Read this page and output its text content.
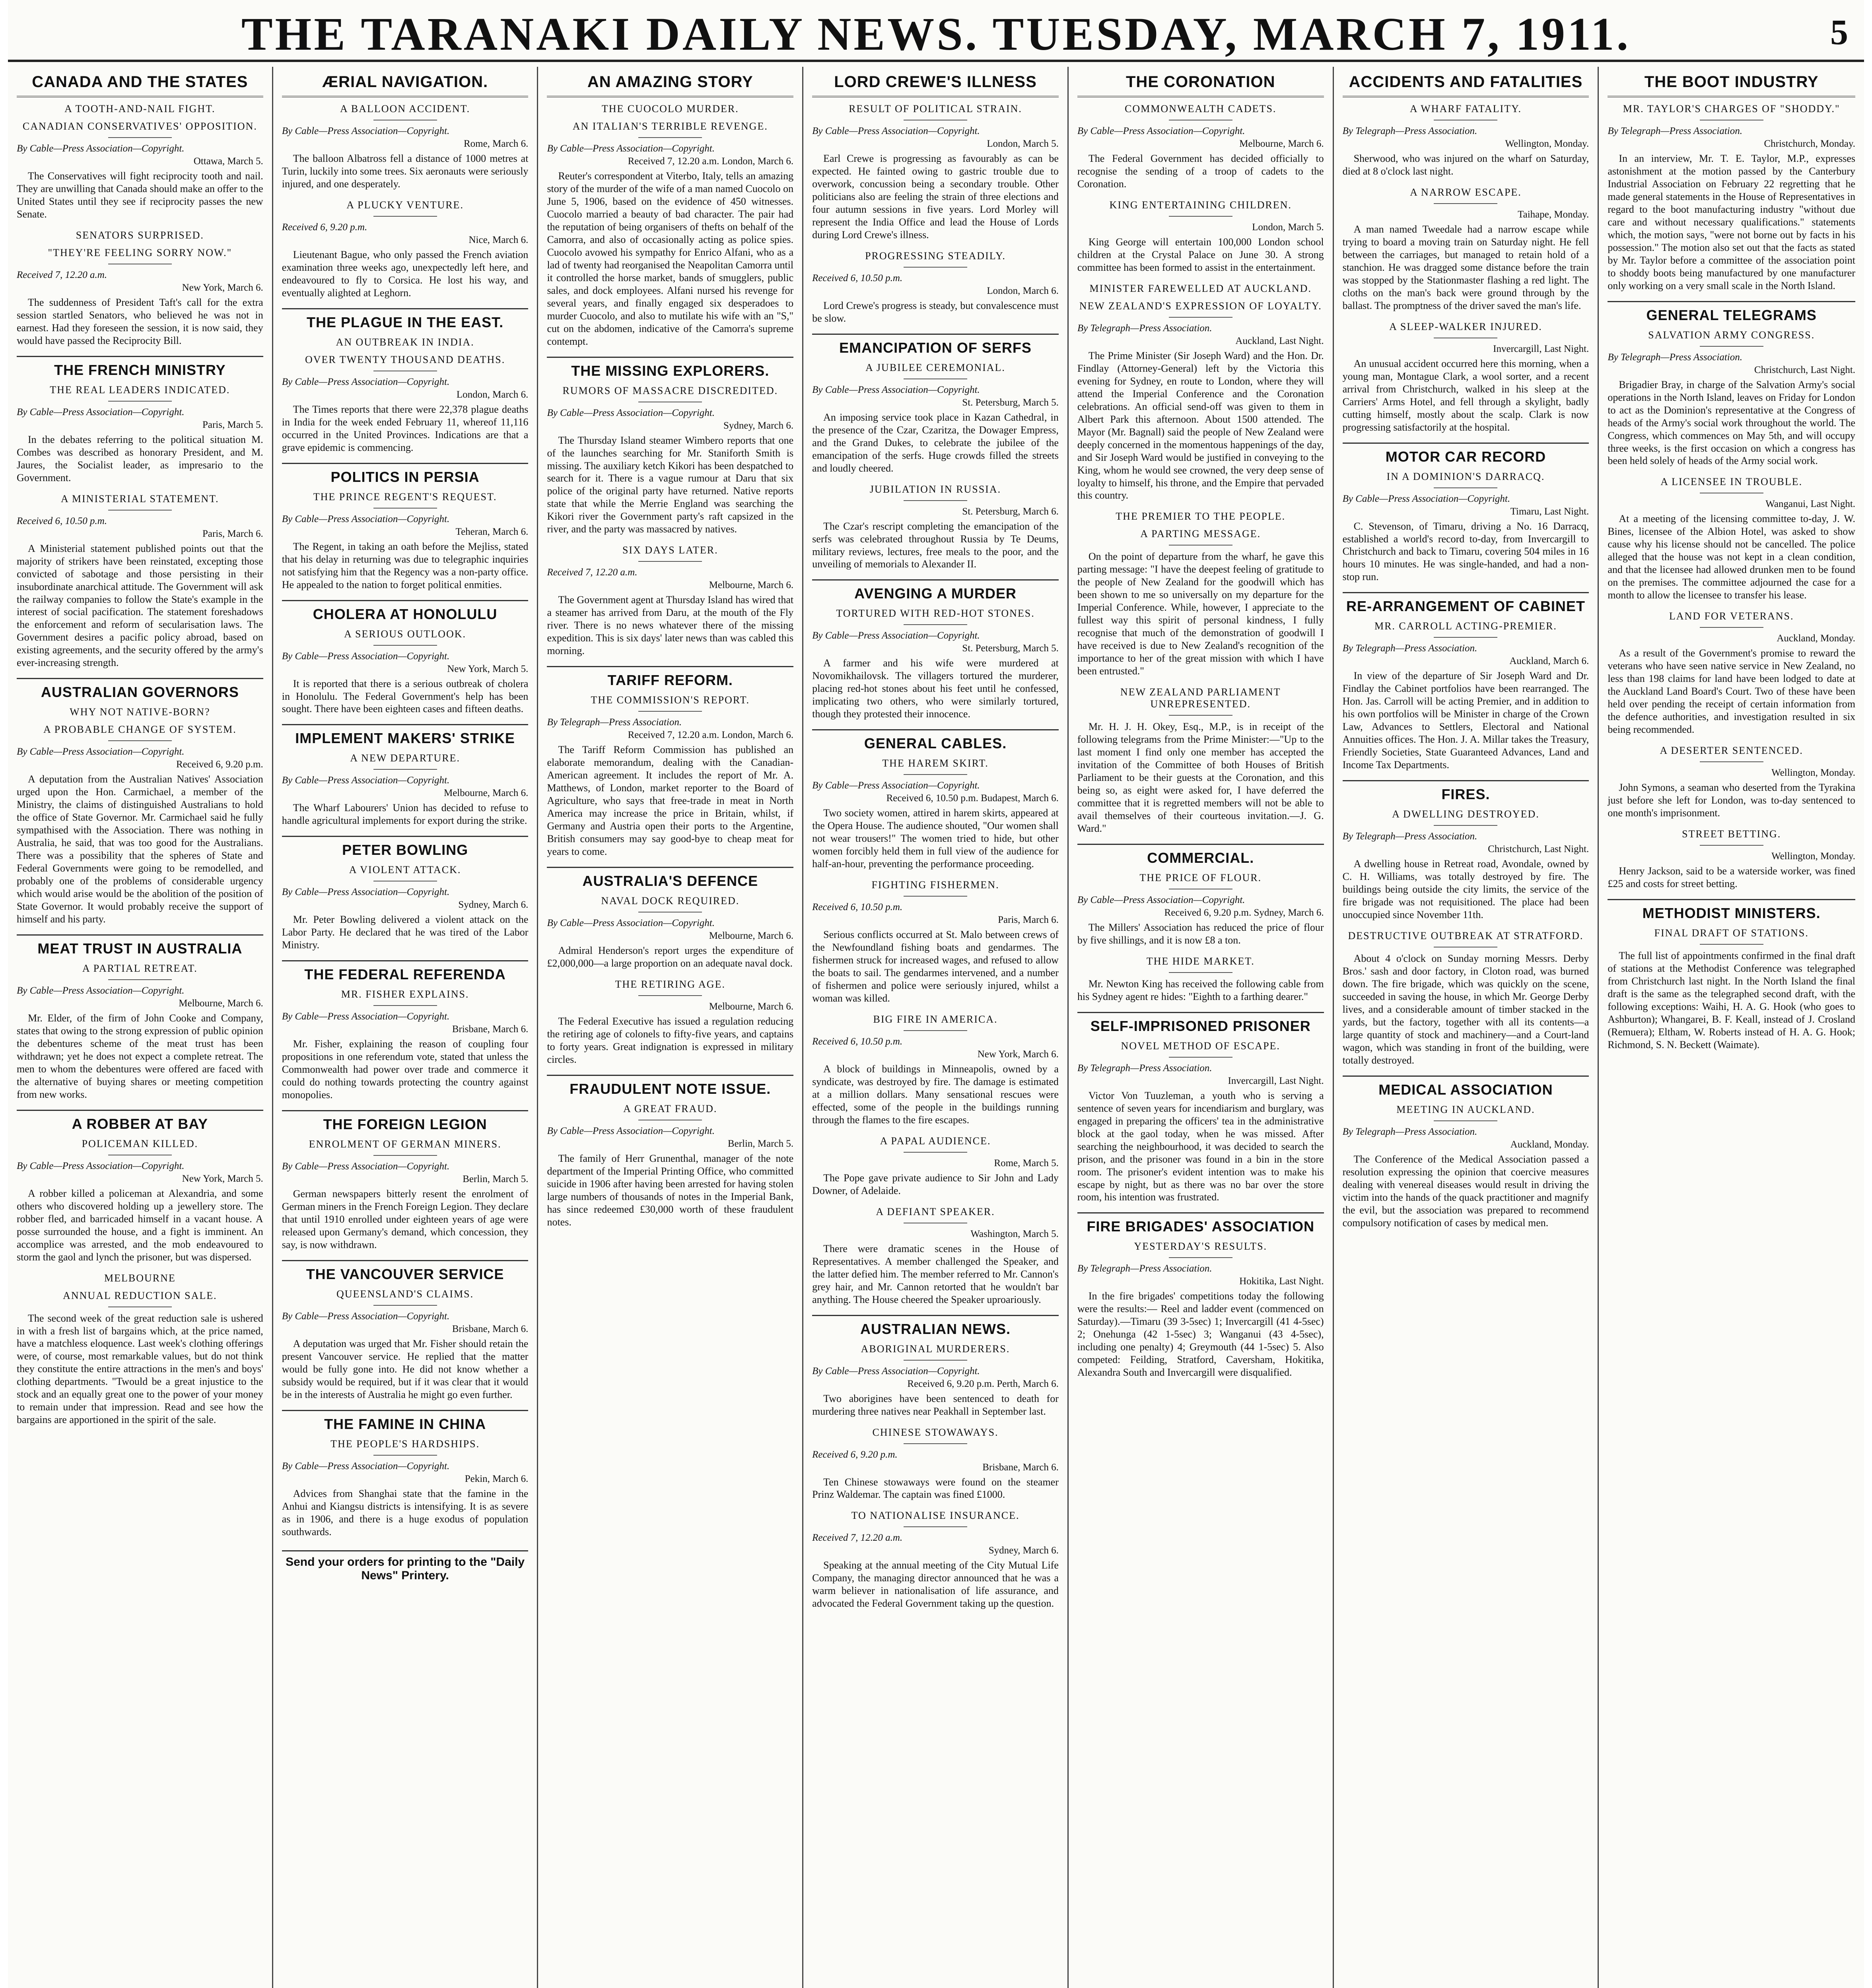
THE TARANAKI DAILY NEWS. TUESDAY, MARCH 7, 1911.	5
CANADA AND THE STATES
A TOOTH-AND-NAIL FIGHT.
CANADIAN CONSERVATIVES' OPPOSITION.
By Cable—Press Association—Copyright.
Ottawa, March 5.

The Conservatives will fight reciprocity tooth and nail. They are unwilling that Canada should make an offer to the United States until they see if reciprocity passes the new Senate.

SENATORS SURPRISED.
"THEY'RE FEELING SORRY NOW."
Received 7, 12.20 a.m.
New York, March 6.

The suddenness of President Taft's call for the extra session startled Senators, who believed he was not in earnest. Had they foreseen the session, it is now said, they would have passed the Reciprocity Bill.

THE FRENCH MINISTRY
THE REAL LEADERS INDICATED.
By Cable—Press Association—Copyright.
Paris, March 5.

In the debates referring to the political situation M. Combes was described as honorary President, and M. Jaures, the Socialist leader, as impresario to the Government.

A MINISTERIAL STATEMENT.
Received 6, 10.50 p.m.
Paris, March 6.

A Ministerial statement published points out that the majority of strikers have been reinstated, excepting those convicted of sabotage and those persisting in their insubordinate anarchical attitude. The Government will ask the railway companies to follow the State's example in the interest of social pacification. The statement foreshadows the enforcement and reform of secularisation laws. The Government desires a pacific policy abroad, based on existing agreements, and the security offered by the army's ever-increasing strength.

AUSTRALIAN GOVERNORS
WHY NOT NATIVE-BORN?
A PROBABLE CHANGE OF SYSTEM.
By Cable—Press Association—Copyright.
Received 6, 9.20 p.m.

A deputation from the Australian Natives' Association urged upon the Hon. Carmichael, a member of the Ministry, the claims of distinguished Australians to hold the office of State Governor. Mr. Carmichael said he fully sympathised with the Association. There was nothing in Australia, he said, that was too good for the Australians. There was a possibility that the spheres of State and Federal Governments were going to be remodelled, and probably one of the problems of considerable urgency which would arise would be the abolition of the position of State Governor. It would probably receive the support of himself and his party.

MEAT TRUST IN AUSTRALIA
A PARTIAL RETREAT.
By Cable—Press Association—Copyright.
Melbourne, March 6.

Mr. Elder, of the firm of John Cooke and Company, states that owing to the strong expression of public opinion the debentures scheme of the meat trust has been withdrawn; yet he does not expect a complete retreat. The men to whom the debentures were offered are faced with the alternative of buying shares or meeting competition from new works.

A ROBBER AT BAY
POLICEMAN KILLED.
By Cable—Press Association—Copyright.
New York, March 5.

A robber killed a policeman at Alexandria, and some others who discovered holding up a jewellery store. The robber fled, and barricaded himself in a vacant house. A posse surrounded the house, and a fight is imminent. An accomplice was arrested, and the mob endeavoured to storm the gaol and lynch the prisoner, but was dispersed.

MELBOURNE
ANNUAL REDUCTION SALE.

The second week of the great reduction sale is ushered in with a fresh list of bargains which, at the price named, have a matchless eloquence. Last week's clothing offerings were, of course, most remarkable values, but do not think they constitute the entire attractions in the men's and boys' clothing departments. "Twould be a great injustice to the stock and an equally great one to the power of your money to remain under that impression. Read and see how the bargains are apportioned in the spirit of the sale.

ÆRIAL NAVIGATION.
A BALLOON ACCIDENT.
By Cable—Press Association—Copyright.
Rome, March 6.

The balloon Albatross fell a distance of 1000 metres at Turin, luckily into some trees. Six aeronauts were seriously injured, and one desperately.

A PLUCKY VENTURE.
Received 6, 9.20 p.m.
Nice, March 6.

Lieutenant Bague, who only passed the French aviation examination three weeks ago, unexpectedly left here, and endeavoured to fly to Corsica. He lost his way, and eventually alighted at Leghorn.

THE PLAGUE IN THE EAST.
AN OUTBREAK IN INDIA.
OVER TWENTY THOUSAND DEATHS.
By Cable—Press Association—Copyright.
London, March 6.

The Times reports that there were 22,378 plague deaths in India for the week ended February 11, whereof 11,116 occurred in the United Provinces. Indications are that a grave epidemic is commencing.

POLITICS IN PERSIA
THE PRINCE REGENT'S REQUEST.
By Cable—Press Association—Copyright.
Teheran, March 6.

The Regent, in taking an oath before the Mejliss, stated that his delay in returning was due to telegraphic inquiries not satisfying him that the Regency was a non-party office. He appealed to the nation to forget political enmities.

CHOLERA AT HONOLULU
A SERIOUS OUTLOOK.
By Cable—Press Association—Copyright.
New York, March 5.

It is reported that there is a serious outbreak of cholera in Honolulu. The Federal Government's help has been sought. There have been eighteen cases and fifteen deaths.

IMPLEMENT MAKERS' STRIKE
A NEW DEPARTURE.
By Cable—Press Association—Copyright.
Melbourne, March 6.

The Wharf Labourers' Union has decided to refuse to handle agricultural implements for export during the strike.

PETER BOWLING
A VIOLENT ATTACK.
By Cable—Press Association—Copyright.
Sydney, March 6.

Mr. Peter Bowling delivered a violent attack on the Labor Party. He declared that he was tired of the Labor Ministry.

THE FEDERAL REFERENDA
MR. FISHER EXPLAINS.
By Cable—Press Association—Copyright.
Brisbane, March 6.

Mr. Fisher, explaining the reason of coupling four propositions in one referendum vote, stated that unless the Commonwealth had power over trade and commerce it could do nothing towards protecting the country against monopolies.

THE FOREIGN LEGION
ENROLMENT OF GERMAN MINERS.
By Cable—Press Association—Copyright.
Berlin, March 5.

German newspapers bitterly resent the enrolment of German miners in the French Foreign Legion. They declare that until 1910 enrolled under eighteen years of age were released upon Germany's demand, which concession, they say, is now withdrawn.

THE VANCOUVER SERVICE
QUEENSLAND'S CLAIMS.
By Cable—Press Association—Copyright.
Brisbane, March 6.

A deputation was urged that Mr. Fisher should retain the present Vancouver service. He replied that the matter would be fully gone into. He did not know whether a subsidy would be required, but if it was clear that it would be in the interests of Australia he might go even further.

THE FAMINE IN CHINA
THE PEOPLE'S HARDSHIPS.
By Cable—Press Association—Copyright.
Pekin, March 6.

Advices from Shanghai state that the famine in the Anhui and Kiangsu districts is intensifying. It is as severe as in 1906, and there is a huge exodus of population southwards.

Send your orders for printing to the "Daily News" Printery.
AN AMAZING STORY
THE CUOCOLO MURDER.
AN ITALIAN'S TERRIBLE REVENGE.
By Cable—Press Association—Copyright.
Received 7, 12.20 a.m. London, March 6.

Reuter's correspondent at Viterbo, Italy, tells an amazing story of the murder of the wife of a man named Cuocolo on June 5, 1906, based on the evidence of 450 witnesses. Cuocolo married a beauty of bad character. The pair had the reputation of being organisers of thefts on behalf of the Camorra, and also of occasionally acting as police spies. Cuocolo avowed his sympathy for Enrico Alfani, who as a lad of twenty had reorganised the Neapolitan Camorra until it controlled the horse market, bands of smugglers, public sales, and dock employees. Alfani nursed his revenge for several years, and finally engaged six desperadoes to murder Cuocolo, and also to mutilate his wife with an "S," cut on the abdomen, indicative of the Camorra's supreme contempt.

THE MISSING EXPLORERS.
RUMORS OF MASSACRE DISCREDITED.
By Cable—Press Association—Copyright.
Sydney, March 6.

The Thursday Island steamer Wimbero reports that one of the launches searching for Mr. Staniforth Smith is missing. The auxiliary ketch Kikori has been despatched to search for it. There is a vague rumour at Daru that six police of the original party have returned. Native reports state that while the Merrie England was searching the Kikori river the Government party's raft capsized in the river, and the party was massacred by natives.

SIX DAYS LATER.
Received 7, 12.20 a.m.
Melbourne, March 6.

The Government agent at Thursday Island has wired that a steamer has arrived from Daru, at the mouth of the Fly river. There is no news whatever there of the missing expedition. This is six days' later news than was cabled this morning.

TARIFF REFORM.
THE COMMISSION'S REPORT.
By Telegraph—Press Association.
Received 7, 12.20 a.m. London, March 6.

The Tariff Reform Commission has published an elaborate memorandum, dealing with the Canadian-American agreement. It includes the report of Mr. A. Matthews, of London, market reporter to the Board of Agriculture, who says that free-trade in meat in North America may increase the price in Britain, whilst, if Germany and Austria open their ports to the Argentine, British consumers may say good-bye to cheap meat for years to come.

AUSTRALIA'S DEFENCE
NAVAL DOCK REQUIRED.
By Cable—Press Association—Copyright.
Melbourne, March 6.

Admiral Henderson's report urges the expenditure of £2,000,000—a large proportion on an adequate naval dock.

THE RETIRING AGE.
Melbourne, March 6.

The Federal Executive has issued a regulation reducing the retiring age of colonels to fifty-five years, and captains to forty years. Great indignation is expressed in military circles.

FRAUDULENT NOTE ISSUE.
A GREAT FRAUD.
By Cable—Press Association—Copyright.
Berlin, March 5.

The family of Herr Grunenthal, manager of the note department of the Imperial Printing Office, who committed suicide in 1906 after having been arrested for having stolen large numbers of thousands of notes in the Imperial Bank, has since redeemed £30,000 worth of these fraudulent notes.

LORD CREWE'S ILLNESS
RESULT OF POLITICAL STRAIN.
By Cable—Press Association—Copyright.
London, March 5.

Earl Crewe is progressing as favourably as can be expected. He fainted owing to gastric trouble due to overwork, concussion being a secondary trouble. Other politicians also are feeling the strain of three elections and four autumn sessions in five years. Lord Morley will represent the India Office and lead the House of Lords during Lord Crewe's illness.

PROGRESSING STEADILY.
Received 6, 10.50 p.m.
London, March 6.

Lord Crewe's progress is steady, but convalescence must be slow.

EMANCIPATION OF SERFS
A JUBILEE CEREMONIAL.
By Cable—Press Association—Copyright.
St. Petersburg, March 5.

An imposing service took place in Kazan Cathedral, in the presence of the Czar, Czaritza, the Dowager Empress, and the Grand Dukes, to celebrate the jubilee of the emancipation of the serfs. Huge crowds filled the streets and loudly cheered.

JUBILATION IN RUSSIA.
St. Petersburg, March 6.

The Czar's rescript completing the emancipation of the serfs was celebrated throughout Russia by Te Deums, military reviews, lectures, free meals to the poor, and the unveiling of memorials to Alexander II.

AVENGING A MURDER
TORTURED WITH RED-HOT STONES.
By Cable—Press Association—Copyright.
St. Petersburg, March 5.

A farmer and his wife were murdered at Novomikhailovsk. The villagers tortured the murderer, placing red-hot stones about his feet until he confessed, implicating two others, who were similarly tortured, though they protested their innocence.

GENERAL CABLES.
THE HAREM SKIRT.
By Cable—Press Association—Copyright.
Received 6, 10.50 p.m. Budapest, March 6.

Two society women, attired in harem skirts, appeared at the Opera House. The audience shouted, "Our women shall not wear trousers!" The women tried to hide, but other women forcibly held them in full view of the audience for half-an-hour, preventing the performance proceeding.

FIGHTING FISHERMEN.
Received 6, 10.50 p.m.
Paris, March 6.

Serious conflicts occurred at St. Malo between crews of the Newfoundland fishing boats and gendarmes. The fishermen struck for increased wages, and refused to allow the boats to sail. The gendarmes intervened, and a number of fishermen and police were seriously injured, whilst a woman was killed.

BIG FIRE IN AMERICA.
Received 6, 10.50 p.m.
New York, March 6.

A block of buildings in Minneapolis, owned by a syndicate, was destroyed by fire. The damage is estimated at a million dollars. Many sensational rescues were effected, some of the people in the buildings running through the flames to the fire escapes.

A PAPAL AUDIENCE.
Rome, March 5.

The Pope gave private audience to Sir John and Lady Downer, of Adelaide.

A DEFIANT SPEAKER.
Washington, March 5.

There were dramatic scenes in the House of Representatives. A member challenged the Speaker, and the latter defied him. The member referred to Mr. Cannon's grey hair, and Mr. Cannon retorted that he wouldn't bar anything. The House cheered the Speaker uproariously.

AUSTRALIAN NEWS.
ABORIGINAL MURDERERS.
By Cable—Press Association—Copyright.
Received 6, 9.20 p.m. Perth, March 6.

Two aborigines have been sentenced to death for murdering three natives near Peakhall in September last.

CHINESE STOWAWAYS.
Received 6, 9.20 p.m.
Brisbane, March 6.

Ten Chinese stowaways were found on the steamer Prinz Waldemar. The captain was fined £1000.

TO NATIONALISE INSURANCE.
Received 7, 12.20 a.m.
Sydney, March 6.

Speaking at the annual meeting of the City Mutual Life Company, the managing director announced that he was a warm believer in nationalisation of life assurance, and advocated the Federal Government taking up the question.

THE CORONATION
COMMONWEALTH CADETS.
By Cable—Press Association—Copyright.
Melbourne, March 6.

The Federal Government has decided officially to recognise the sending of a troop of cadets to the Coronation.

KING ENTERTAINING CHILDREN.
London, March 5.

King George will entertain 100,000 London school children at the Crystal Palace on June 30. A strong committee has been formed to assist in the entertainment.

MINISTER FAREWELLED AT AUCKLAND.
NEW ZEALAND'S EXPRESSION OF LOYALTY.
By Telegraph—Press Association.
Auckland, Last Night.

The Prime Minister (Sir Joseph Ward) and the Hon. Dr. Findlay (Attorney-General) left by the Victoria this evening for Sydney, en route to London, where they will attend the Imperial Conference and the Coronation celebrations. An official send-off was given to them in Albert Park this afternoon. About 1500 attended. The Mayor (Mr. Bagnall) said the people of New Zealand were deeply concerned in the momentous happenings of the day, and Sir Joseph Ward would be justified in conveying to the King, whom he would see crowned, the very deep sense of loyalty to himself, his throne, and the Empire that pervaded this country.

THE PREMIER TO THE PEOPLE.
A PARTING MESSAGE.

On the point of departure from the wharf, he gave this parting message: "I have the deepest feeling of gratitude to the people of New Zealand for the goodwill which has been shown to me so universally on my departure for the Imperial Conference. While, however, I appreciate to the fullest way this spirit of personal kindness, I fully recognise that much of the demonstration of goodwill I have received is due to New Zealand's recognition of the importance to her of the great mission with which I have been entrusted."

NEW ZEALAND PARLIAMENT UNREPRESENTED.

Mr. H. J. H. Okey, Esq., M.P., is in receipt of the following telegrams from the Prime Minister:—"Up to the last moment I find only one member has accepted the invitation of the Committee of both Houses of British Parliament to be their guests at the Coronation, and this being so, as eight were asked for, I have deferred the committee that it is regretted members will not be able to avail themselves of their courteous invitation.—J. G. Ward."

COMMERCIAL.
THE PRICE OF FLOUR.
By Cable—Press Association—Copyright.
Received 6, 9.20 p.m. Sydney, March 6.

The Millers' Association has reduced the price of flour by five shillings, and it is now £8 a ton.

THE HIDE MARKET.

Mr. Newton King has received the following cable from his Sydney agent re hides: "Eighth to a farthing dearer."

SELF-IMPRISONED PRISONER
NOVEL METHOD OF ESCAPE.
By Telegraph—Press Association.
Invercargill, Last Night.

Victor Von Tuuzleman, a youth who is serving a sentence of seven years for incendiarism and burglary, was engaged in preparing the officers' tea in the administrative block at the gaol today, when he was missed. After searching the neighbourhood, it was decided to search the prison, and the prisoner was found in a bin in the store room. The prisoner's evident intention was to make his escape by night, but as there was no bar over the store room, his intention was frustrated.

FIRE BRIGADES' ASSOCIATION
YESTERDAY'S RESULTS.
By Telegraph—Press Association.
Hokitika, Last Night.

In the fire brigades' competitions today the following were the results:— Reel and ladder event (commenced on Saturday).—Timaru (39 3-5sec) 1; Invercargill (41 4-5sec) 2; Onehunga (42 1-5sec) 3; Wanganui (43 4-5sec), including one penalty) 4; Greymouth (44 1-5sec) 5. Also competed: Feilding, Stratford, Caversham, Hokitika, Alexandra South and Invercargill were disqualified.

ACCIDENTS AND FATALITIES
A WHARF FATALITY.
By Telegraph—Press Association.
Wellington, Monday.

Sherwood, who was injured on the wharf on Saturday, died at 8 o'clock last night.

A NARROW ESCAPE.
Taihape, Monday.

A man named Tweedale had a narrow escape while trying to board a moving train on Saturday night. He fell between the carriages, but managed to retain hold of a stanchion. He was dragged some distance before the train was stopped by the Stationmaster flashing a red light. The cloths on the man's back were ground through by the ballast. The promptness of the driver saved the man's life.

A SLEEP-WALKER INJURED.
Invercargill, Last Night.

An unusual accident occurred here this morning, when a young man, Montague Clark, a wool sorter, and a recent arrival from Christchurch, walked in his sleep at the Carriers' Arms Hotel, and fell through a skylight, badly cutting himself, mostly about the scalp. Clark is now progressing satisfactorily at the hospital.

MOTOR CAR RECORD
IN A DOMINION'S DARRACQ.
By Cable—Press Association—Copyright.
Timaru, Last Night.

C. Stevenson, of Timaru, driving a No. 16 Darracq, established a world's record to-day, from Invercargill to Christchurch and back to Timaru, covering 504 miles in 16 hours 10 minutes. He was single-handed, and had a non-stop run.

RE-ARRANGEMENT OF CABINET
MR. CARROLL ACTING-PREMIER.
By Telegraph—Press Association.
Auckland, March 6.

In view of the departure of Sir Joseph Ward and Dr. Findlay the Cabinet portfolios have been rearranged. The Hon. Jas. Carroll will be acting Premier, and in addition to his own portfolios will be Minister in charge of the Crown Law, Advances to Settlers, Electoral and National Annuities offices. The Hon. J. A. Millar takes the Treasury, Friendly Societies, State Guaranteed Advances, Land and Income Tax Departments.

FIRES.
A DWELLING DESTROYED.
By Telegraph—Press Association.
Christchurch, Last Night.

A dwelling house in Retreat road, Avondale, owned by C. H. Williams, was totally destroyed by fire. The buildings being outside the city limits, the service of the fire brigade was not requisitioned. The place had been unoccupied since November 11th.

DESTRUCTIVE OUTBREAK AT STRATFORD.

About 4 o'clock on Sunday morning Messrs. Derby Bros.' sash and door factory, in Cloton road, was burned down. The fire brigade, which was quickly on the scene, succeeded in saving the house, in which Mr. George Derby lives, and a considerable amount of timber stacked in the yards, but the factory, together with all its contents—a large quantity of stock and machinery—and a Court-land wagon, which was standing in front of the building, were totally destroyed.

MEDICAL ASSOCIATION
MEETING IN AUCKLAND.
By Telegraph—Press Association.
Auckland, Monday.

The Conference of the Medical Association passed a resolution expressing the opinion that coercive measures dealing with venereal diseases would result in driving the victim into the hands of the quack practitioner and magnify the evil, but the association was prepared to recommend compulsory notification of cases by medical men.

THE BOOT INDUSTRY
MR. TAYLOR'S CHARGES OF "SHODDY."
By Telegraph—Press Association.
Christchurch, Monday.

In an interview, Mr. T. E. Taylor, M.P., expresses astonishment at the motion passed by the Canterbury Industrial Association on February 22 regretting that he made general statements in the House of Representatives in regard to the boot manufacturing industry "without due care and without necessary qualifications." statements which, the motion says, "were not borne out by facts in his possession." The motion also set out that the facts as stated by Mr. Taylor before a committee of the association point to shoddy boots being manufactured by one manufacturer only working on a very small scale in the North Island.

GENERAL TELEGRAMS
SALVATION ARMY CONGRESS.
By Telegraph—Press Association.
Christchurch, Last Night.

Brigadier Bray, in charge of the Salvation Army's social operations in the North Island, leaves on Friday for London to act as the Dominion's representative at the Congress of heads of the Army's social work throughout the world. The Congress, which commences on May 5th, and will occupy three weeks, is the first occasion on which a congress has been held solely of heads of the Army social work.

A LICENSEE IN TROUBLE.
Wanganui, Last Night.

At a meeting of the licensing committee to-day, J. W. Bines, licensee of the Albion Hotel, was asked to show cause why his license should not be cancelled. The police alleged that the house was not kept in a clean condition, and that the licensee had allowed drunken men to be found on the premises. The committee adjourned the case for a month to allow the licensee to transfer his lease.

LAND FOR VETERANS.
Auckland, Monday.

As a result of the Government's promise to reward the veterans who have seen native service in New Zealand, no less than 198 claims for land have been lodged to date at the Auckland Land Board's Court. Two of these have been held over pending the receipt of certain information from the defence authorities, and investigation resulted in six being recommended.

A DESERTER SENTENCED.
Wellington, Monday.

John Symons, a seaman who deserted from the Tyrakina just before she left for London, was to-day sentenced to one month's imprisonment.

STREET BETTING.
Wellington, Monday.

Henry Jackson, said to be a waterside worker, was fined £25 and costs for street betting.

METHODIST MINISTERS.
FINAL DRAFT OF STATIONS.

The full list of appointments confirmed in the final draft of stations at the Methodist Conference was telegraphed from Christchurch last night. In the North Island the final draft is the same as the telegraphed second draft, with the following exceptions: Waihi, H. A. G. Hook (who goes to Ashburton); Whangarei, B. F. Keall, instead of J. Crosland (Remuera); Eltham, W. Roberts instead of H. A. G. Hook; Richmond, S. N. Beckett (Waimate).
